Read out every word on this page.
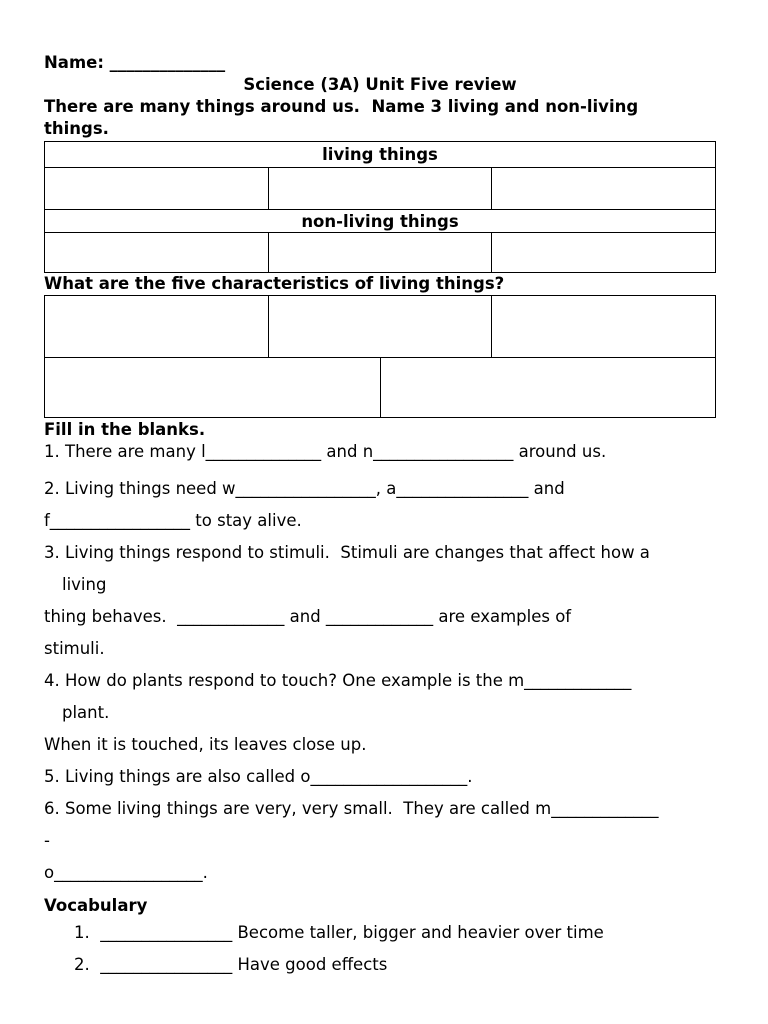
Name: ______________
Science (3A) Unit Five review
There are many things around us.  Name 3 living and non-living
things.
living things		

non-living things		

What are the five characteristics of living things?

Fill in the blanks.
1. There are many l______________ and n_________________ around us.
2. Living things need w_________________, a________________ and
f_________________ to stay alive.
3. Living things respond to stimuli.  Stimuli are changes that affect how a
living
thing behaves.  _____________ and _____________ are examples of
stimuli.
4. How do plants respond to touch? One example is the m_____________
plant.
When it is touched, its leaves close up.
5. Living things are also called o___________________.
6. Some living things are very, very small.  They are called m_____________
-
o__________________.
Vocabulary
1.  ________________ Become taller, bigger and heavier over time
2.  ________________ Have good effects
